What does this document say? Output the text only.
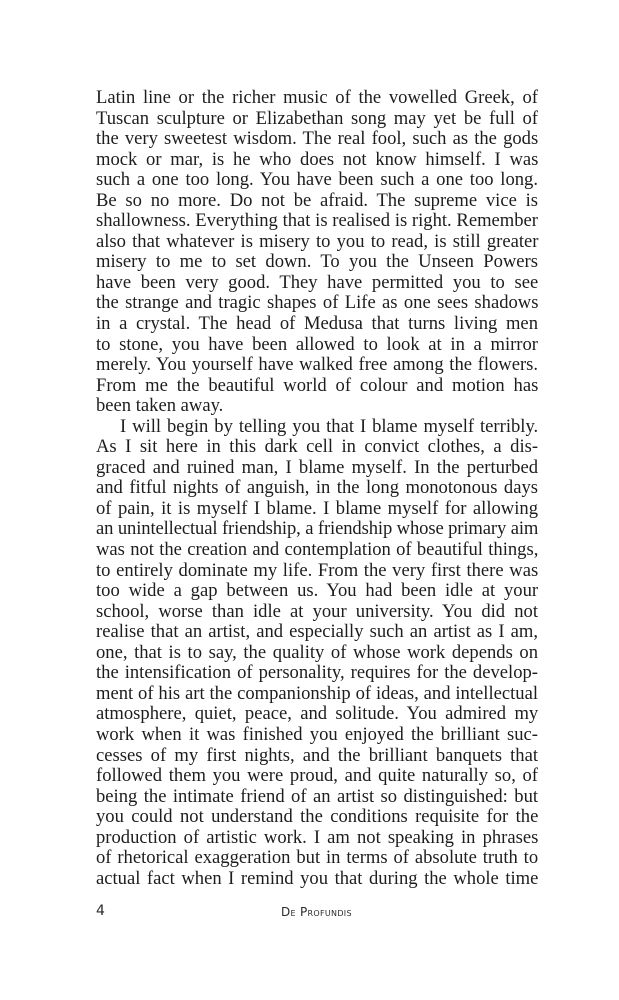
Latin line or the richer music of the vowelled Greek, of
Tuscan sculpture or Elizabethan song may yet be full of
the very sweetest wisdom. The real fool, such as the gods
mock or mar, is he who does not know himself. I was
such a one too long. You have been such a one too long.
Be so no more. Do not be afraid. The supreme vice is
shallowness. Everything that is realised is right. Remember
also that whatever is misery to you to read, is still greater
misery to me to set down. To you the Unseen Powers
have been very good. They have permitted you to see
the strange and tragic shapes of Life as one sees shadows
in a crystal. The head of Medusa that turns living men
to stone, you have been allowed to look at in a mirror
merely. You yourself have walked free among the flowers.
From me the beautiful world of colour and motion has
been taken away.
I will begin by telling you that I blame myself terribly.
As I sit here in this dark cell in convict clothes, a dis-
graced and ruined man, I blame myself. In the perturbed
and fitful nights of anguish, in the long monotonous days
of pain, it is myself I blame. I blame myself for allowing
an unintellectual friendship, a friendship whose primary aim
was not the creation and contemplation of beautiful things,
to entirely dominate my life. From the very first there was
too wide a gap between us. You had been idle at your
school, worse than idle at your university. You did not
realise that an artist, and especially such an artist as I am,
one, that is to say, the quality of whose work depends on
the intensification of personality, requires for the develop-
ment of his art the companionship of ideas, and intellectual
atmosphere, quiet, peace, and solitude. You admired my
work when it was finished you enjoyed the brilliant suc-
cesses of my first nights, and the brilliant banquets that
followed them you were proud, and quite naturally so, of
being the intimate friend of an artist so distinguished: but
you could not understand the conditions requisite for the
production of artistic work. I am not speaking in phrases
of rhetorical exaggeration but in terms of absolute truth to
actual fact when I remind you that during the whole time
4	De Profundis
